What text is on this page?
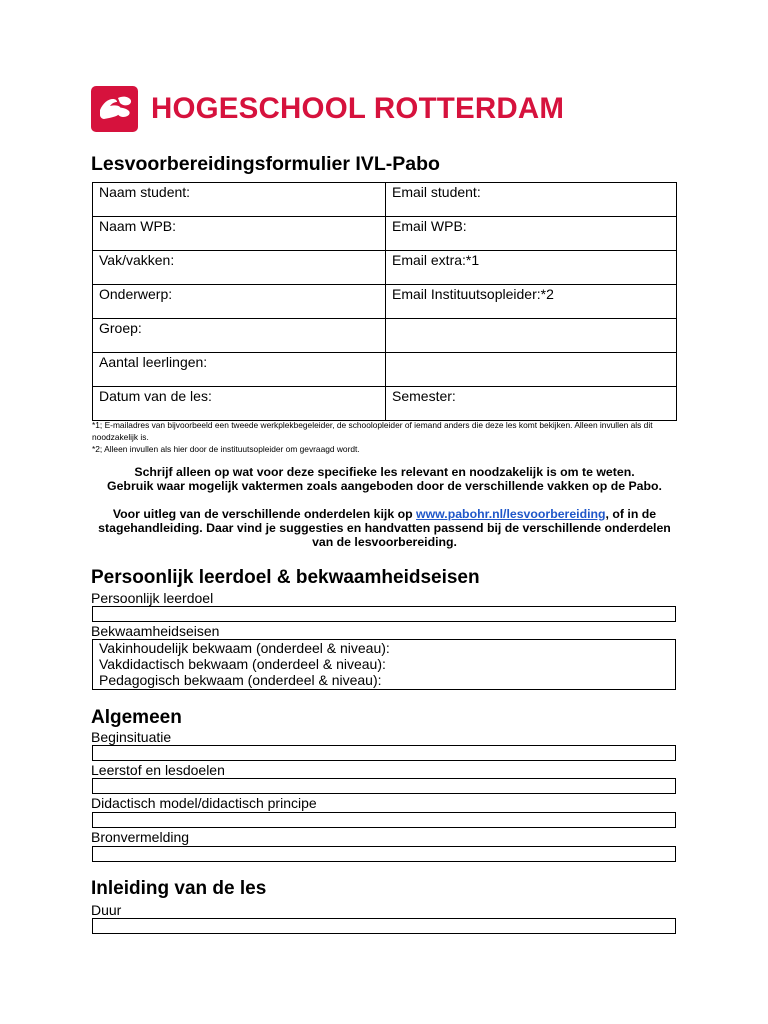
HOGESCHOOL ROTTERDAM
Lesvoorbereidingsformulier IVL-Pabo
Naam student:	Email student:
Naam WPB:	Email WPB:
Vak/vakken:	Email extra:*1
Onderwerp:	Email Instituutsopleider:*2
Groep:	
Aantal leerlingen:	
Datum van de les:	Semester:
*1; E-mailadres van bijvoorbeeld een tweede werkplekbegeleider, de schoolopleider of iemand anders die deze les komt bekijken. Alleen invullen als dit noodzakelijk is.
*2; Alleen invullen als hier door de instituutsopleider om gevraagd wordt.

Schrijf alleen op wat voor deze specifieke les relevant en noodzakelijk is om te weten.

Gebruik waar mogelijk vaktermen zoals aangeboden door de verschillende vakken op de Pabo.

Voor uitleg van de verschillende onderdelen kijk op www.pabohr.nl/lesvoorbereiding, of in de stagehandleiding. Daar vind je suggesties en handvatten passend bij de verschillende onderdelen van de lesvoorbereiding.

Persoonlijk leerdoel & bekwaamheidseisen
Persoonlijk leerdoel
Bekwaamheidseisen
Vakinhoudelijk bekwaam (onderdeel & niveau):
Vakdidactisch bekwaam (onderdeel & niveau):
Pedagogisch bekwaam (onderdeel & niveau):
Algemeen
Beginsituatie
Leerstof en lesdoelen
Didactisch model/didactisch principe
Bronvermelding
Inleiding van de les
Duur
